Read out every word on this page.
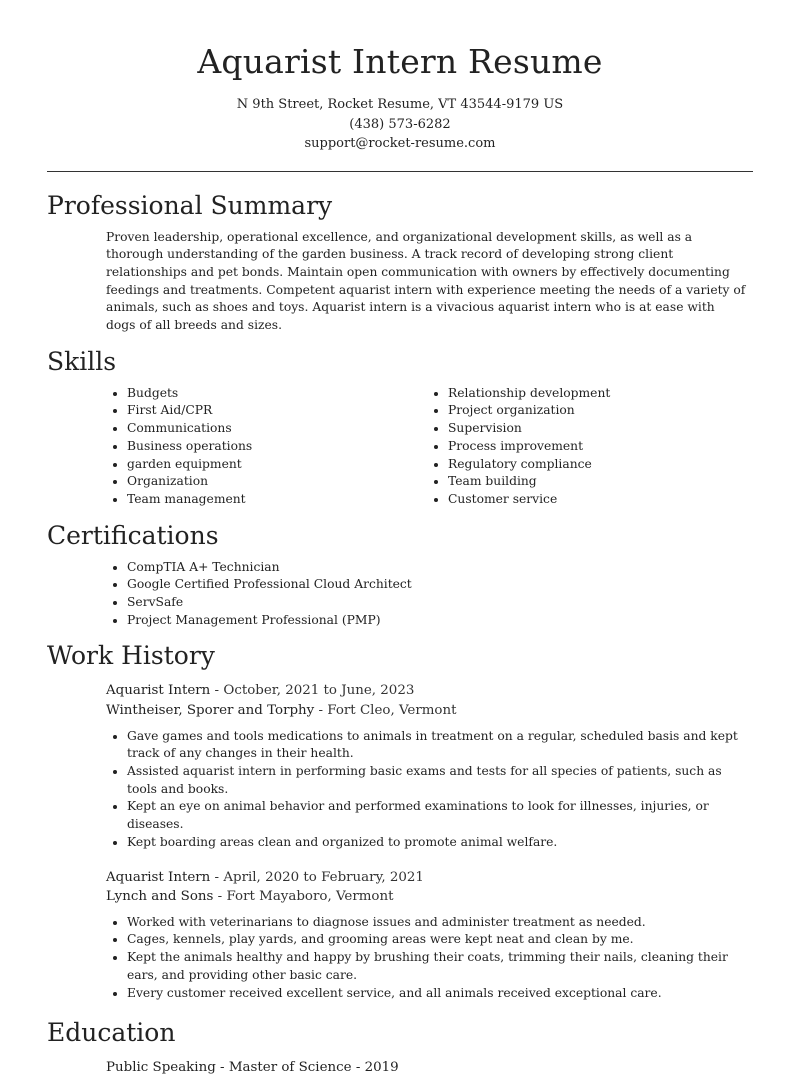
Aquarist Intern Resume
N 9th Street, Rocket Resume, VT 43544-9179 US
(438) 573-6282
support@rocket-resume.com
Professional Summary
Proven leadership, operational excellence, and organizational development skills, as well as a thorough understanding of the garden business. A track record of developing strong client relationships and pet bonds. Maintain open communication with owners by effectively documenting feedings and treatments. Competent aquarist intern with experience meeting the needs of a variety of animals, such as shoes and toys. Aquarist intern is a vivacious aquarist intern who is at ease with dogs of all breeds and sizes.
Skills
• Budgets
• First Aid/CPR
• Communications
• Business operations
• garden equipment
• Organization
• Team management
• Relationship development
• Project organization
• Supervision
• Process improvement
• Regulatory compliance
• Team building
• Customer service
Certifications
• CompTIA A+ Technician
• Google Certified Professional Cloud Architect
• ServSafe
• Project Management Professional (PMP)
Work History
Aquarist Intern - October, 2021 to June, 2023
Wintheiser, Sporer and Torphy - Fort Cleo, Vermont
• Gave games and tools medications to animals in treatment on a regular, scheduled basis and kept track of any changes in their health.
• Assisted aquarist intern in performing basic exams and tests for all species of patients, such as tools and books.
• Kept an eye on animal behavior and performed examinations to look for illnesses, injuries, or diseases.
• Kept boarding areas clean and organized to promote animal welfare.
Aquarist Intern - April, 2020 to February, 2021
Lynch and Sons - Fort Mayaboro, Vermont
• Worked with veterinarians to diagnose issues and administer treatment as needed.
• Cages, kennels, play yards, and grooming areas were kept neat and clean by me.
• Kept the animals healthy and happy by brushing their coats, trimming their nails, cleaning their ears, and providing other basic care.
• Every customer received excellent service, and all animals received exceptional care.
Education
Public Speaking - Master of Science - 2019
